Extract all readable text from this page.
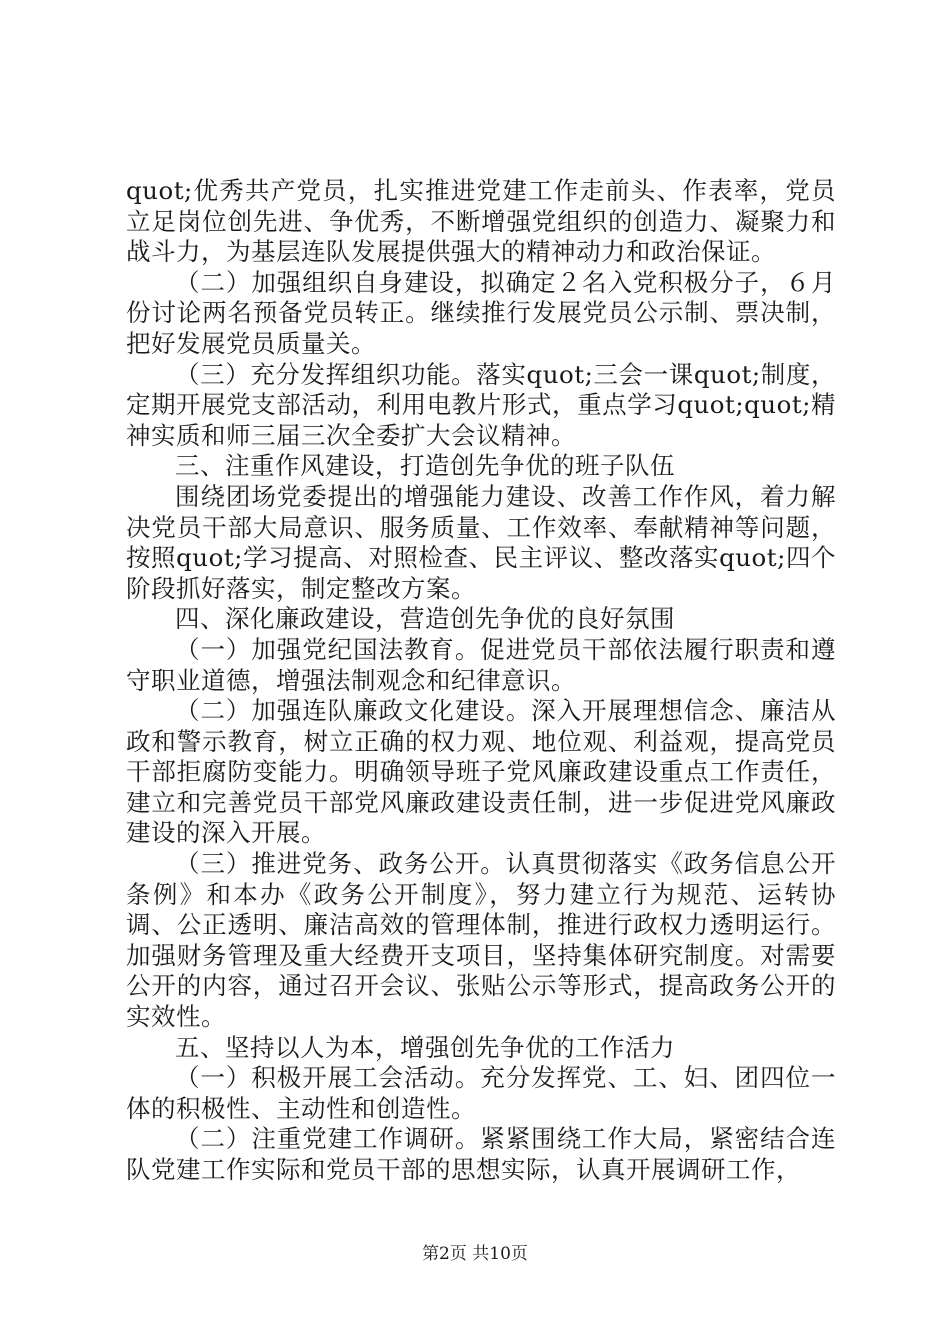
quot;优秀共产党员，扎实推进党建工作走前头、作表率，党员立足岗位创先进、争优秀，不断增强党组织的创造力、凝聚力和战斗力，为基层连队发展提供强大的精神动力和政治保证。

（二）加强组织自身建设，拟确定２名入党积极分子，６月份讨论两名预备党员转正。继续推行发展党员公示制、票决制，把好发展党员质量关。

（三）充分发挥组织功能。落实quot;三会一课quot;制度，定期开展党支部活动，利用电教片形式，重点学习quot;quot;精神实质和师三届三次全委扩大会议精神。

三、注重作风建设，打造创先争优的班子队伍

围绕团场党委提出的增强能力建设、改善工作作风，着力解决党员干部大局意识、服务质量、工作效率、奉献精神等问题，按照quot;学习提高、对照检查、民主评议、整改落实quot;四个阶段抓好落实，制定整改方案。

四、深化廉政建设，营造创先争优的良好氛围

（一）加强党纪国法教育。促进党员干部依法履行职责和遵守职业道德，增强法制观念和纪律意识。

（二）加强连队廉政文化建设。深入开展理想信念、廉洁从政和警示教育，树立正确的权力观、地位观、利益观，提高党员干部拒腐防变能力。明确领导班子党风廉政建设重点工作责任，建立和完善党员干部党风廉政建设责任制，进一步促进党风廉政建设的深入开展。

（三）推进党务、政务公开。认真贯彻落实《政务信息公开条例》和本办《政务公开制度》，努力建立行为规范、运转协调、公正透明、廉洁高效的管理体制，推进行政权力透明运行。加强财务管理及重大经费开支项目，坚持集体研究制度。对需要公开的内容，通过召开会议、张贴公示等形式，提高政务公开的实效性。

五、坚持以人为本，增强创先争优的工作活力

（一）积极开展工会活动。充分发挥党、工、妇、团四位一体的积极性、主动性和创造性。

（二）注重党建工作调研。紧紧围绕工作大局，紧密结合连队党建工作实际和党员干部的思想实际，认真开展调研工作，

第2页 共10页
